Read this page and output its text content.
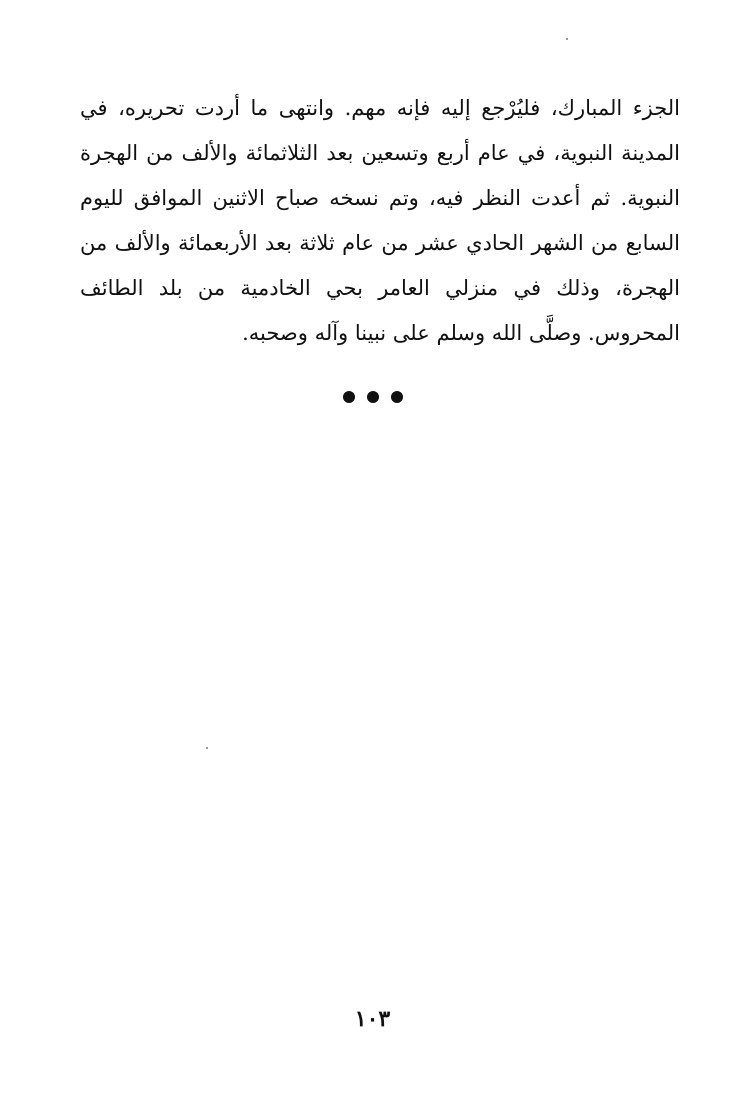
الجزء المبارك، فليُرْجع إليه فإنه مهم. وانتهى ما أردت تحريره، في
المدينة النبوية، في عام أربع وتسعين بعد الثلاثمائة والألف من الهجرة
النبوية. ثم أعدت النظر فيه، وتم نسخه صباح الاثنين الموافق لليوم
السابع من الشهر الحادي عشر من عام ثلاثة بعد الأربعمائة والألف من
الهجرة، وذلك في منزلي العامر بحي الخادمية من بلد الطائف
المحروس. وصلَّى الله وسلم على نبينا وآله وصحبه.
١٠٣
